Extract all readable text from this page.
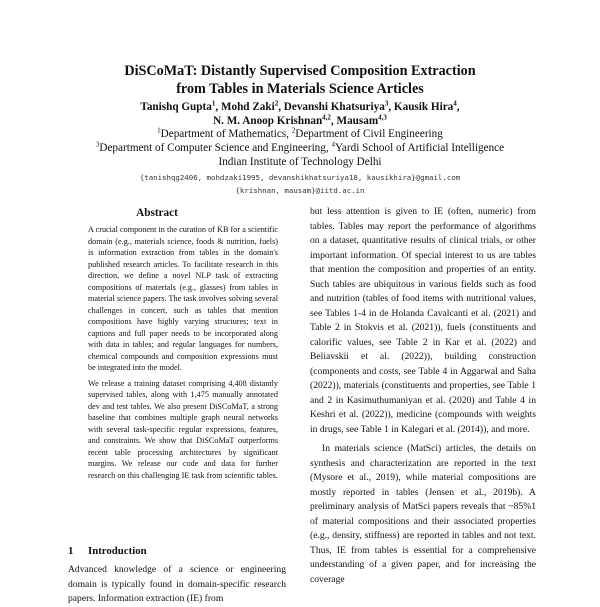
DiSCoMaT: Distantly Supervised Composition Extraction
from Tables in Materials Science Articles
Tanishq Gupta$^1$, Mohd Zaki$^2$, Devanshi Khatsuriya$^3$, Kausik Hira$^4$,
N. M. Anoop Krishnan$^{4,2}$, Mausam$^{4,3}$
$^1$Department of Mathematics, $^2$Department of Civil Engineering
$^3$Department of Computer Science and Engineering, $^4$Yardi School of Artificial Intelligence
Indian Institute of Technology Delhi
{tanishqg2406, mohdzaki1995, devanshikhatsuriya18, kausikhira}@gmail.com
{krishnan, mausam}@iitd.ac.in
Abstract

A crucial component in the curation of KB for a scientific domain (e.g., materials science, foods & nutrition, fuels) is information extraction from tables in the domain's published research articles. To facilitate research in this direction, we define a novel NLP task of extracting compositions of materials (e.g., glasses) from tables in material science papers. The task involves solving several challenges in concert, such as tables that mention compositions have highly varying structures; text in captions and full paper needs to be incorporated along with data in tables; and regular languages for numbers, chemical compounds and composition expressions must be integrated into the model.

We release a training dataset comprising 4,408 distantly supervised tables, along with 1,475 manually annotated dev and test tables. We also present DiSCoMaT, a strong baseline that combines multiple graph neural networks with several task-specific regular expressions, features, and constraints. We show that DiSCoMaT outperforms recent table processing architectures by significant margins. We release our code and data for further research on this challenging IE task from scientific tables.

1 Introduction
Advanced knowledge of a science or engineering domain is typically found in domain-specific research papers. Information extraction (IE) from

but less attention is given to IE (often, numeric) from tables. Tables may report the performance of algorithms on a dataset, quantitative results of clinical trials, or other important information. Of special interest to us are tables that mention the composition and properties of an entity. Such tables are ubiquitous in various fields such as food and nutrition (tables of food items with nutritional values, see Tables 1-4 in de Holanda Cavalcanti et al. (2021) and Table 2 in Stokvis et al. (2021)), fuels (constituents and calorific values, see Table 2 in Kar et al. (2022) and Beliavskii et al. (2022)), building construction (components and costs, see Table 4 in Aggarwal and Saha (2022)), materials (constituents and properties, see Table 1 and 2 in Kasimuthumaniyan et al. (2020) and Table 4 in Keshri et al. (2022)), medicine (compounds with weights in drugs, see Table 1 in Kalegari et al. (2014)), and more.

In materials science (MatSci) articles, the details on synthesis and characterization are reported in the text (Mysore et al., 2019), while material compositions are mostly reported in tables (Jensen et al., 2019b). A preliminary analysis of MatSci papers reveals that ~85%1 of material compositions and their associated properties (e.g., density, stiffness) are reported in tables and not text. Thus, IE from tables is essential for a comprehensive understanding of a given paper, and for increasing the coverage
